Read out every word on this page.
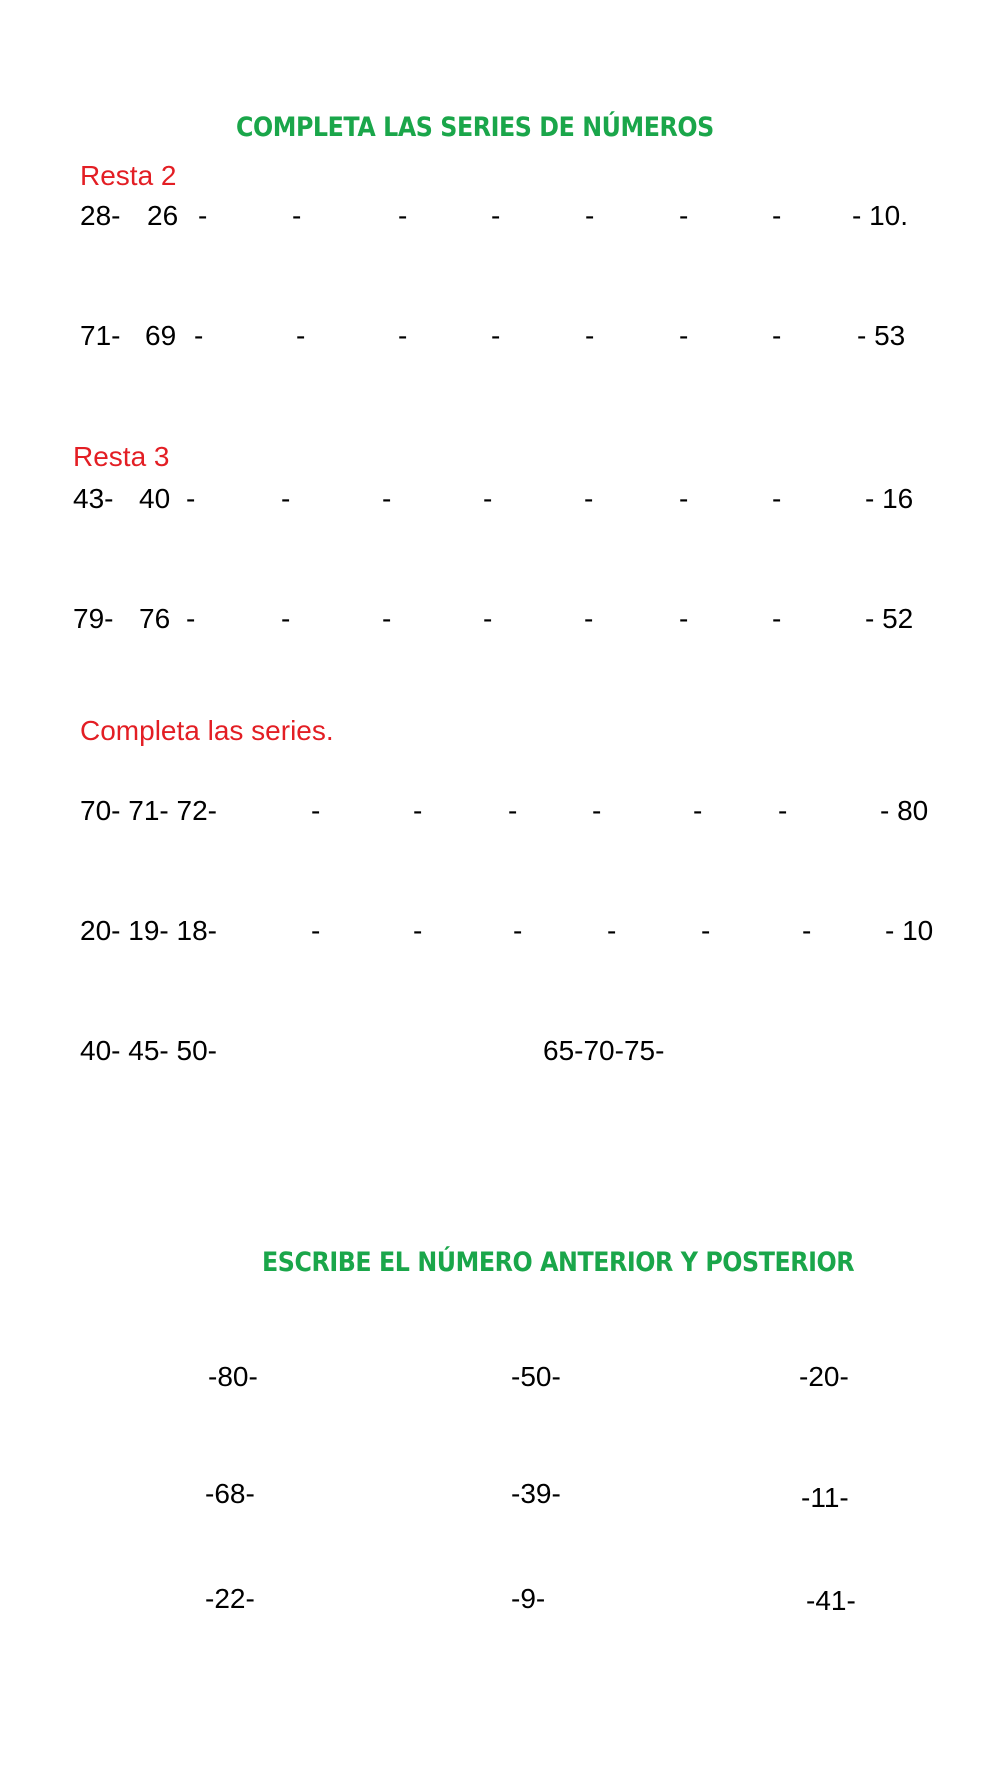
COMPLETA LAS SERIES DE NÚMEROS
Resta 2
28- 26 -	-	-	-	-	-	-	- 10.
71- 69 -	-	-	-	-	-	-	- 53
Resta 3
43- 40 -	-	-	-	-	-	-	- 16
79- 76 -	-	-	-	-	-	-	- 52
Completa las series.
70- 71- 72-	-	-	-	-	-	-	- 80
20- 19- 18-	-	-	-	-	-	-	- 10
40- 45- 50-	65-70-75-
ESCRIBE EL NÚMERO ANTERIOR Y POSTERIOR
-80-	-50-	-20-
-68-	-39-	-11-
-22-	-9-	-41-
